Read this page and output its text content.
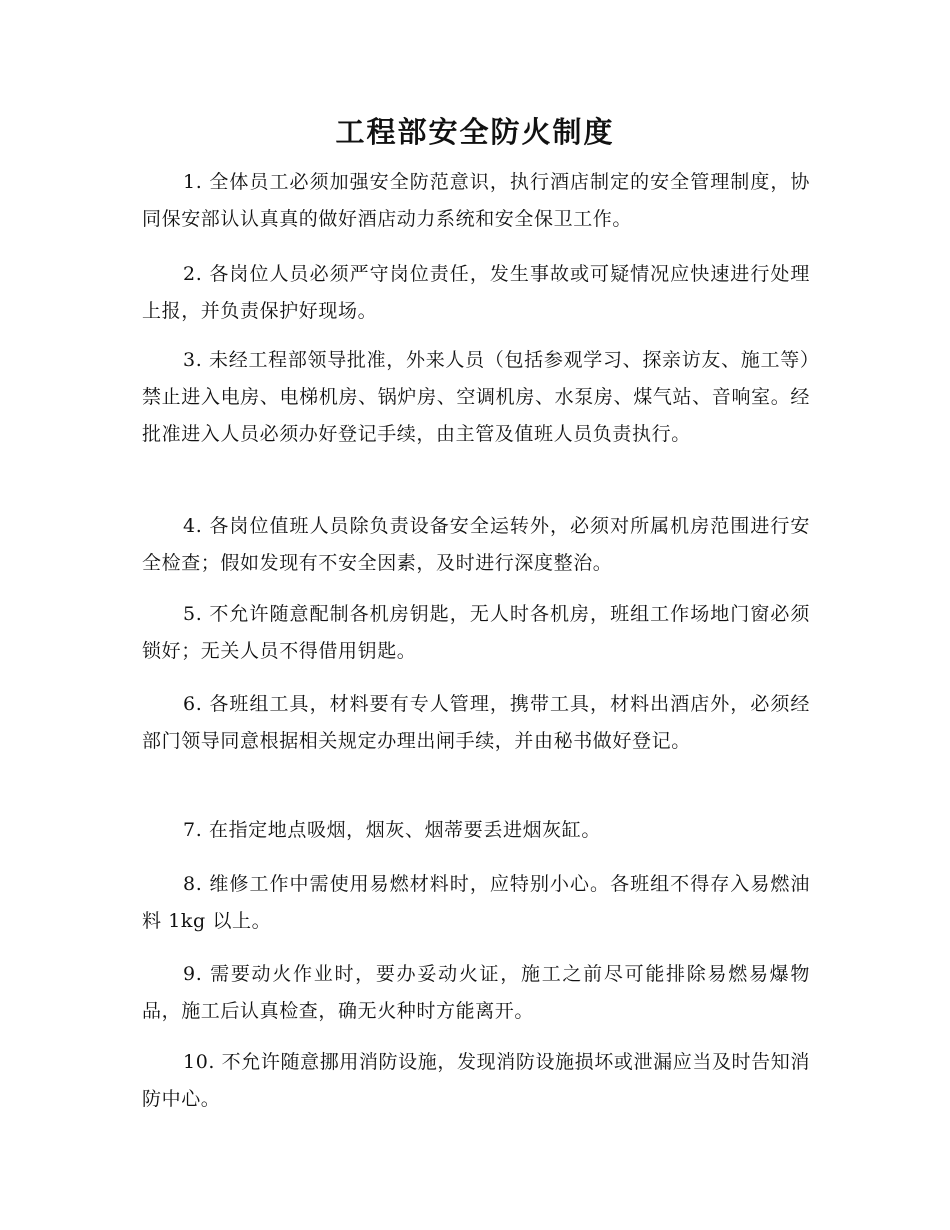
工程部安全防火制度
1. 全体员工必须加强安全防范意识，执行酒店制定的安全管理制度，协同保安部认认真真的做好酒店动力系统和安全保卫工作。
2. 各岗位人员必须严守岗位责任，发生事故或可疑情况应快速进行处理上报，并负责保护好现场。
3. 未经工程部领导批准，外来人员（包括参观学习、探亲访友、施工等）禁止进入电房、电梯机房、锅炉房、空调机房、水泵房、煤气站、音响室。经批准进入人员必须办好登记手续，由主管及值班人员负责执行。
4. 各岗位值班人员除负责设备安全运转外，必须对所属机房范围进行安全检查；假如发现有不安全因素，及时进行深度整治。
5. 不允许随意配制各机房钥匙，无人时各机房，班组工作场地门窗必须锁好；无关人员不得借用钥匙。
6. 各班组工具，材料要有专人管理，携带工具，材料出酒店外，必须经部门领导同意根据相关规定办理出闸手续，并由秘书做好登记。
7. 在指定地点吸烟，烟灰、烟蒂要丢进烟灰缸。
8. 维修工作中需使用易燃材料时，应特别小心。各班组不得存入易燃油料 1kg 以上。
9. 需要动火作业时，要办妥动火证，施工之前尽可能排除易燃易爆物品，施工后认真检查，确无火种时方能离开。
10. 不允许随意挪用消防设施，发现消防设施损坏或泄漏应当及时告知消防中心。
